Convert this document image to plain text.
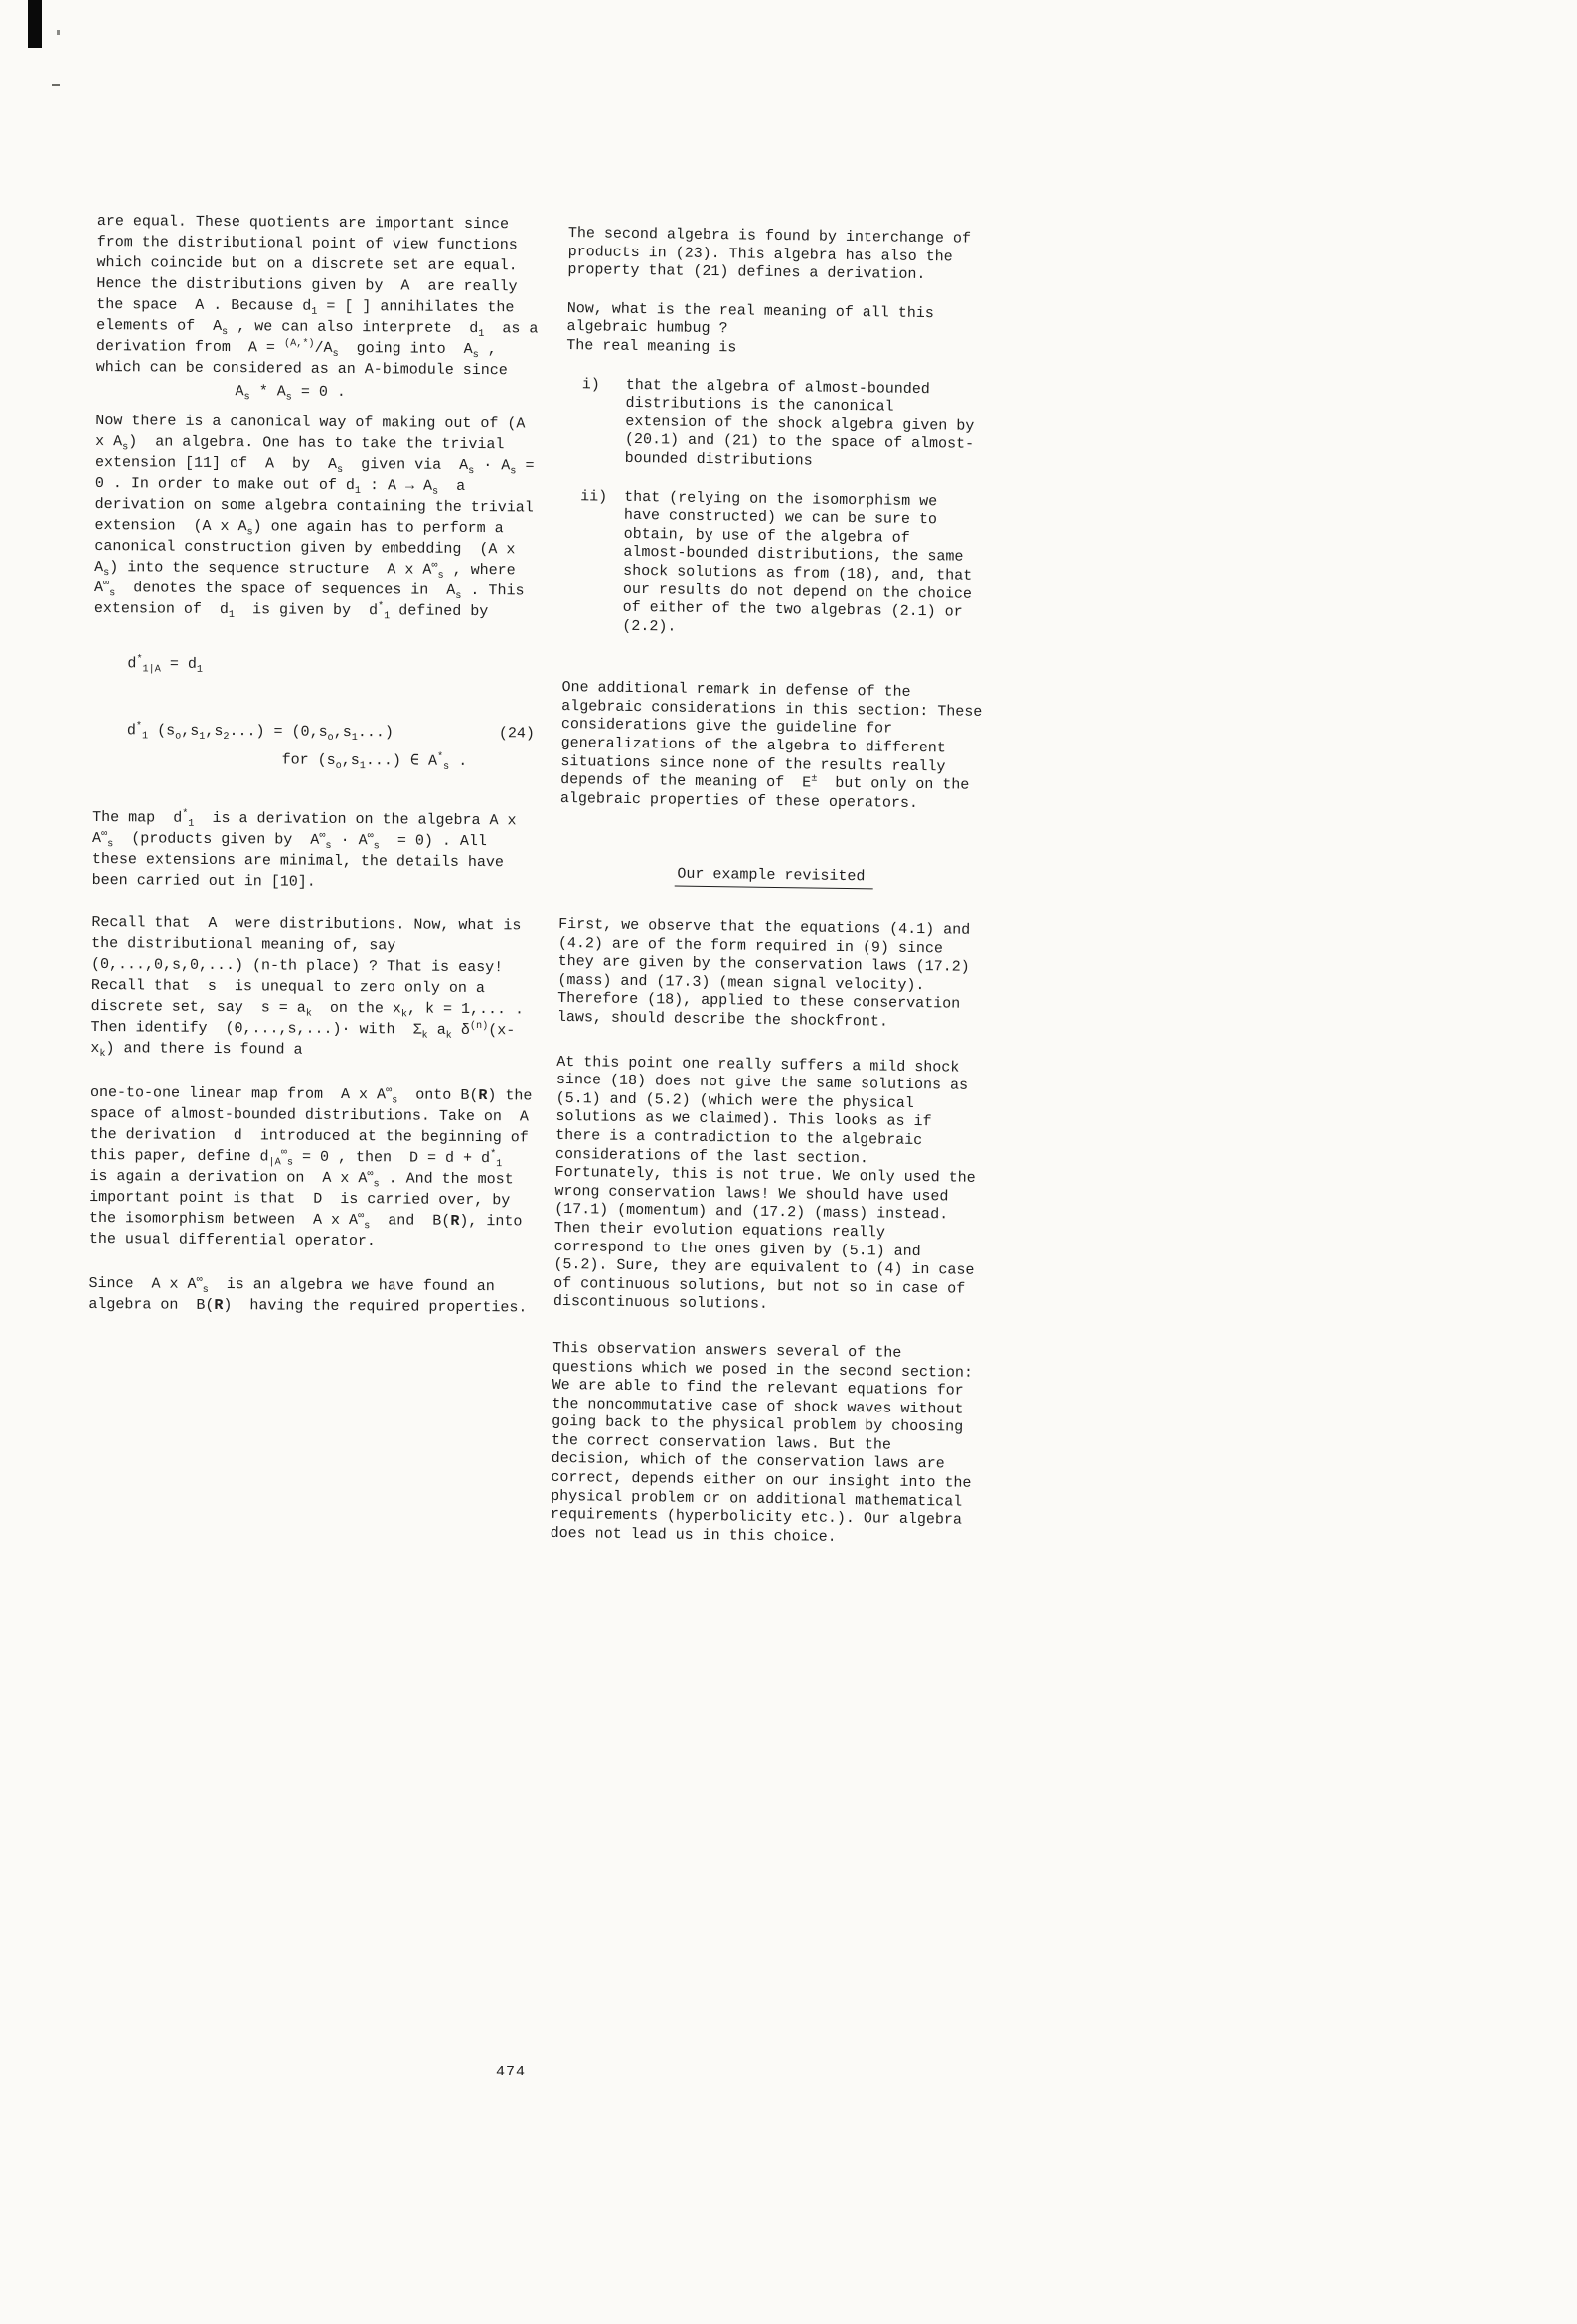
are equal. These quotients are important since from the distributional point of view functions which coincide but on a discrete set are equal. Hence the distributions given by  A  are really the space  A . Because $d_1$ = [ ] annihilates the elements of  $A_s$ , we can also interprete  $d_1$  as a derivation from  $A = ^{(A,*)}/A_s$  going into  $A_s$ , which can be considered as an A-bimodule since

$A_s * A_s = 0$ .

Now there is a canonical way of making out of (A x $A_s$)  an algebra. One has to take the trivial extension [11] of  A  by  $A_s$  given via  $A_s \cdot A_s = 0$ . In order to make out of $d_1$ : $A \to A_s$  a derivation on some algebra containing the trivial extension  (A x $A_s$) one again has to perform a canonical construction given by embedding  (A x $A_s$) into the sequence structure  A x $A^\infty_s$ , where $A^\infty_s$  denotes the space of sequences in  $A_s$ . This extension of  $d_1$  is given by  $d^*_1$ defined by

$d^*_{1|A} = d_1$
$d^*_1$ $(s_o,s_1,s_2...) = (0,s_o,s_1...)$	(24)
for $(s_o,s_1...)$ ∈ $A^*_s$ .

The map  $d^*_1$  is a derivation on the algebra A x $A^\infty_s$  (products given by  $A^\infty_s \cdot A^\infty_s = 0$) . All these extensions are minimal, the details have been carried out in [10].

Recall that  A  were distributions. Now, what is the distributional meaning of, say (0,...,0,s,0,...) (n-th place) ? That is easy! Recall that  s  is unequal to zero only on a discrete set, say  $s = a_k$  on the $x_k$, k = 1,... . Then identify  (0,...,s,...)· with  $\Sigma_k$ $a_k$ $\delta^{(n)}(x-x_k)$ and there is found a

one-to-one linear map from  A x $A^\infty_s$  onto B(R) the space of almost-bounded distributions. Take on  A  the derivation  d  introduced at the beginning of this paper, define $d_{|A}^\infty_s = 0$ , then  $D = d + d^*_1$  is again a derivation on  A x $A^\infty_s$ . And the most important point is that  D  is carried over, by the isomorphism between  A x $A^\infty_s$  and  B(R), into the usual differential operator.

Since  A x $A^\infty_s$  is an algebra we have found an algebra on  B(R)  having the required properties.

The second algebra is found by interchange of products in (23). This algebra has also the property that (21) defines a derivation.

Now, what is the real meaning of all this algebraic humbug ?
The real meaning is

i)	that the algebra of almost-bounded distributions is the canonical extension of the shock algebra given by (20.1) and (21) to the space of almost-bounded distributions
ii)	that (relying on the isomorphism we have constructed) we can be sure to obtain, by use of the algebra of almost-bounded distributions, the same shock solutions as from (18), and, that our results do not depend on the choice of either of the two algebras (2.1) or (2.2).

One additional remark in defense of the algebraic considerations in this section: These considerations give the guideline for generalizations of the algebra to different situations since none of the results really depends of the meaning of  E±  but only on the algebraic properties of these operators.

Our example revisited

First, we observe that the equations (4.1) and (4.2) are of the form required in (9) since they are given by the conservation laws (17.2) (mass) and (17.3) (mean signal velocity). Therefore (18), applied to these conservation laws, should describe the shockfront.

At this point one really suffers a mild shock since (18) does not give the same solutions as (5.1) and (5.2) (which were the physical solutions as we claimed). This looks as if there is a contradiction to the algebraic considerations of the last section. Fortunately, this is not true. We only used the wrong conservation laws! We should have used (17.1) (momentum) and (17.2) (mass) instead. Then their evolution equations really correspond to the ones given by (5.1) and (5.2). Sure, they are equivalent to (4) in case of continuous solutions, but not so in case of discontinuous solutions.

This observation answers several of the questions which we posed in the second section: We are able to find the relevant equations for the noncommutative case of shock waves without going back to the physical problem by choosing the correct conservation laws. But the decision, which of the conservation laws are correct, depends either on our insight into the physical problem or on additional mathematical requirements (hyperbolicity etc.). Our algebra does not lead us in this choice.

474
